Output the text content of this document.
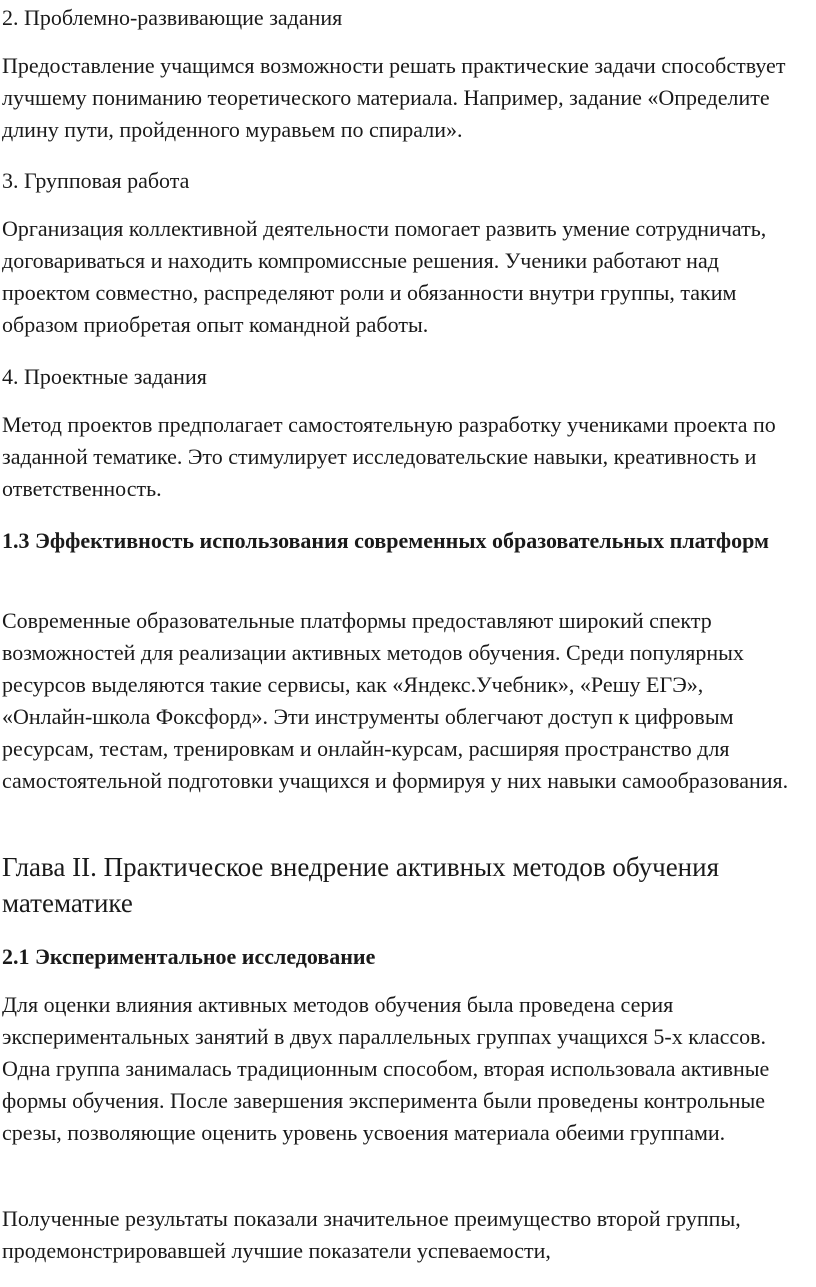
2. Проблемно-развивающие задания

Предоставление учащимся возможности решать практические задачи способствует лучшему пониманию теоретического материала. Например, задание «Определите длину пути, пройденного муравьем по спирали».

3. Групповая работа

Организация коллективной деятельности помогает развить умение сотрудничать, договариваться и находить компромиссные решения. Ученики работают над проектом совместно, распределяют роли и обязанности внутри группы, таким образом приобретая опыт командной работы.

4. Проектные задания

Метод проектов предполагает самостоятельную разработку учениками проекта по заданной тематике. Это стимулирует исследовательские навыки, креативность и ответственность.

1.3 Эффективность использования современных образовательных платформ

Современные образовательные платформы предоставляют широкий спектр возможностей для реализации активных методов обучения. Среди популярных ресурсов выделяются такие сервисы, как «Яндекс.Учебник», «Решу ЕГЭ», «Онлайн-школа Фоксфорд». Эти инструменты облегчают доступ к цифровым ресурсам, тестам, тренировкам и онлайн-курсам, расширяя пространство для самостоятельной подготовки учащихся и формируя у них навыки самообразования.

Глава II. Практическое внедрение активных методов обучения математике
2.1 Экспериментальное исследование

Для оценки влияния активных методов обучения была проведена серия экспериментальных занятий в двух параллельных группах учащихся 5-х классов. Одна группа занималась традиционным способом, вторая использовала активные формы обучения. После завершения эксперимента были проведены контрольные срезы, позволяющие оценить уровень усвоения материала обеими группами.

Полученные результаты показали значительное преимущество второй группы, продемонстрировавшей лучшие показатели успеваемости,
